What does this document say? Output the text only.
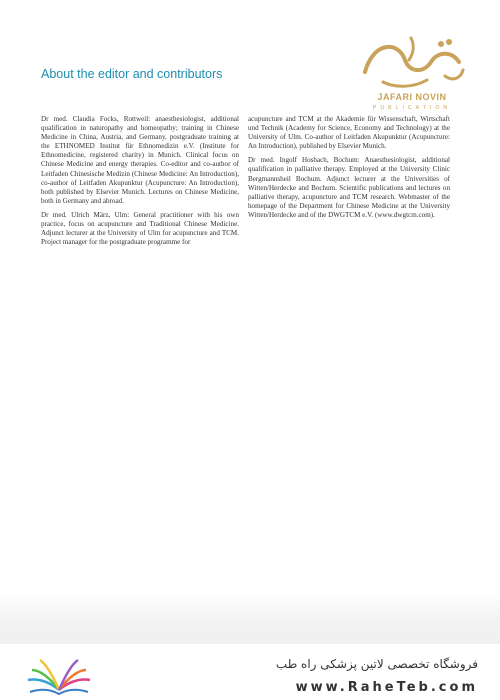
About the editor and contributors
JAFARI NOVIN
PUBLICATION

Dr med. Claudia Focks, Rottweil: anaesthesiologist, additional qualification in naturopathy and homeopathy; training in Chinese Medicine in China, Austria, and Germany, postgraduate training at the ETHNOMED Institut für Ethnomedizin e.V. (Institute for Ethnomedicine, registered charity) in Munich. Clinical focus on Chinese Medicine and energy therapies. Co-editor and co-author of Leitfaden Chinesische Medizin (Chinese Medicine: An Introduction), co-author of Leitfaden Akupunktur (Acupuncture: An Introduction), both published by Elsevier Munich. Lectures on Chinese Medicine, both in Germany and abroad.

Dr med. Ulrich März, Ulm: General practitioner with his own practice, focus on acupuncture and Traditional Chinese Medicine. Adjunct lecturer at the University of Ulm for acupuncture and TCM. Project manager for the postgraduate programme for

acupuncture and TCM at the Akademie für Wissenschaft, Wirtschaft und Technik (Academy for Science, Economy and Technology) at the University of Ulm. Co-author of Leitfaden Akupunktur (Acupuncture: An Introduction), published by Elsevier Munich.

Dr med. Ingolf Hosbach, Bochum: Anaesthesiologist, additional qualification in palliative therapy. Employed at the University Clinic Bergmannsheil Bochum. Adjunct lecturer at the Universities of Witten/Herdecke and Bochum. Scientific publications and lectures on palliative therapy, acupuncture and TCM research. Webmaster of the homepage of the Department for Chinese Medicine at the University Witten/Herdecke and of the DWGTCM e.V. (www.dwgtcm.com).

فروشگاه تخصصی لاتین پزشکی راه طب
www.RaheTeb.com
